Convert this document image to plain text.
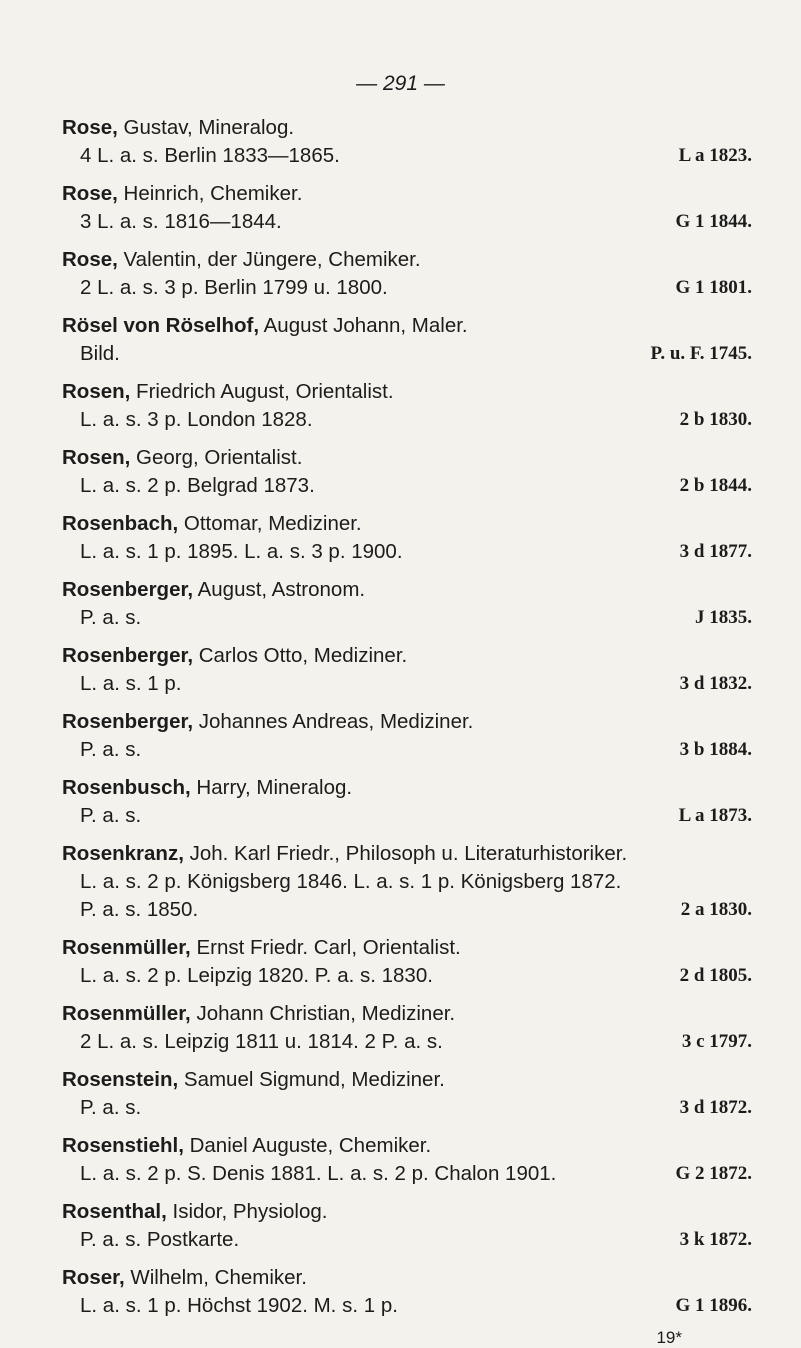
— 291 —
Rose, Gustav, Mineralog.
4 L. a. s. Berlin 1833—1865.	L a 1823.
Rose, Heinrich, Chemiker.
3 L. a. s. 1816—1844.	G 1 1844.
Rose, Valentin, der Jüngere, Chemiker.
2 L. a. s. 3 p. Berlin 1799 u. 1800.	G 1 1801.
Rösel von Röselhof, August Johann, Maler.
Bild.	P. u. F. 1745.
Rosen, Friedrich August, Orientalist.
L. a. s. 3 p. London 1828.	2 b 1830.
Rosen, Georg, Orientalist.
L. a. s. 2 p. Belgrad 1873.	2 b 1844.
Rosenbach, Ottomar, Mediziner.
L. a. s. 1 p. 1895. L. a. s. 3 p. 1900.	3 d 1877.
Rosenberger, August, Astronom.
P. a. s.	J 1835.
Rosenberger, Carlos Otto, Mediziner.
L. a. s. 1 p.	3 d 1832.
Rosenberger, Johannes Andreas, Mediziner.
P. a. s.	3 b 1884.
Rosenbusch, Harry, Mineralog.
P. a. s.	L a 1873.
Rosenkranz, Joh. Karl Friedr., Philosoph u. Literaturhistoriker.
L. a. s. 2 p. Königsberg 1846. L. a. s. 1 p. Königsberg 1872.
P. a. s. 1850.	2 a 1830.
Rosenmüller, Ernst Friedr. Carl, Orientalist.
L. a. s. 2 p. Leipzig 1820. P. a. s. 1830.	2 d 1805.
Rosenmüller, Johann Christian, Mediziner.
2 L. a. s. Leipzig 1811 u. 1814. 2 P. a. s.	3 c 1797.
Rosenstein, Samuel Sigmund, Mediziner.
P. a. s.	3 d 1872.
Rosenstiehl, Daniel Auguste, Chemiker.
L. a. s. 2 p. S. Denis 1881. L. a. s. 2 p. Chalon 1901.	G 2 1872.
Rosenthal, Isidor, Physiolog.
P. a. s. Postkarte.	3 k 1872.
Roser, Wilhelm, Chemiker.
L. a. s. 1 p. Höchst 1902. M. s. 1 p.	G 1 1896.
19*
